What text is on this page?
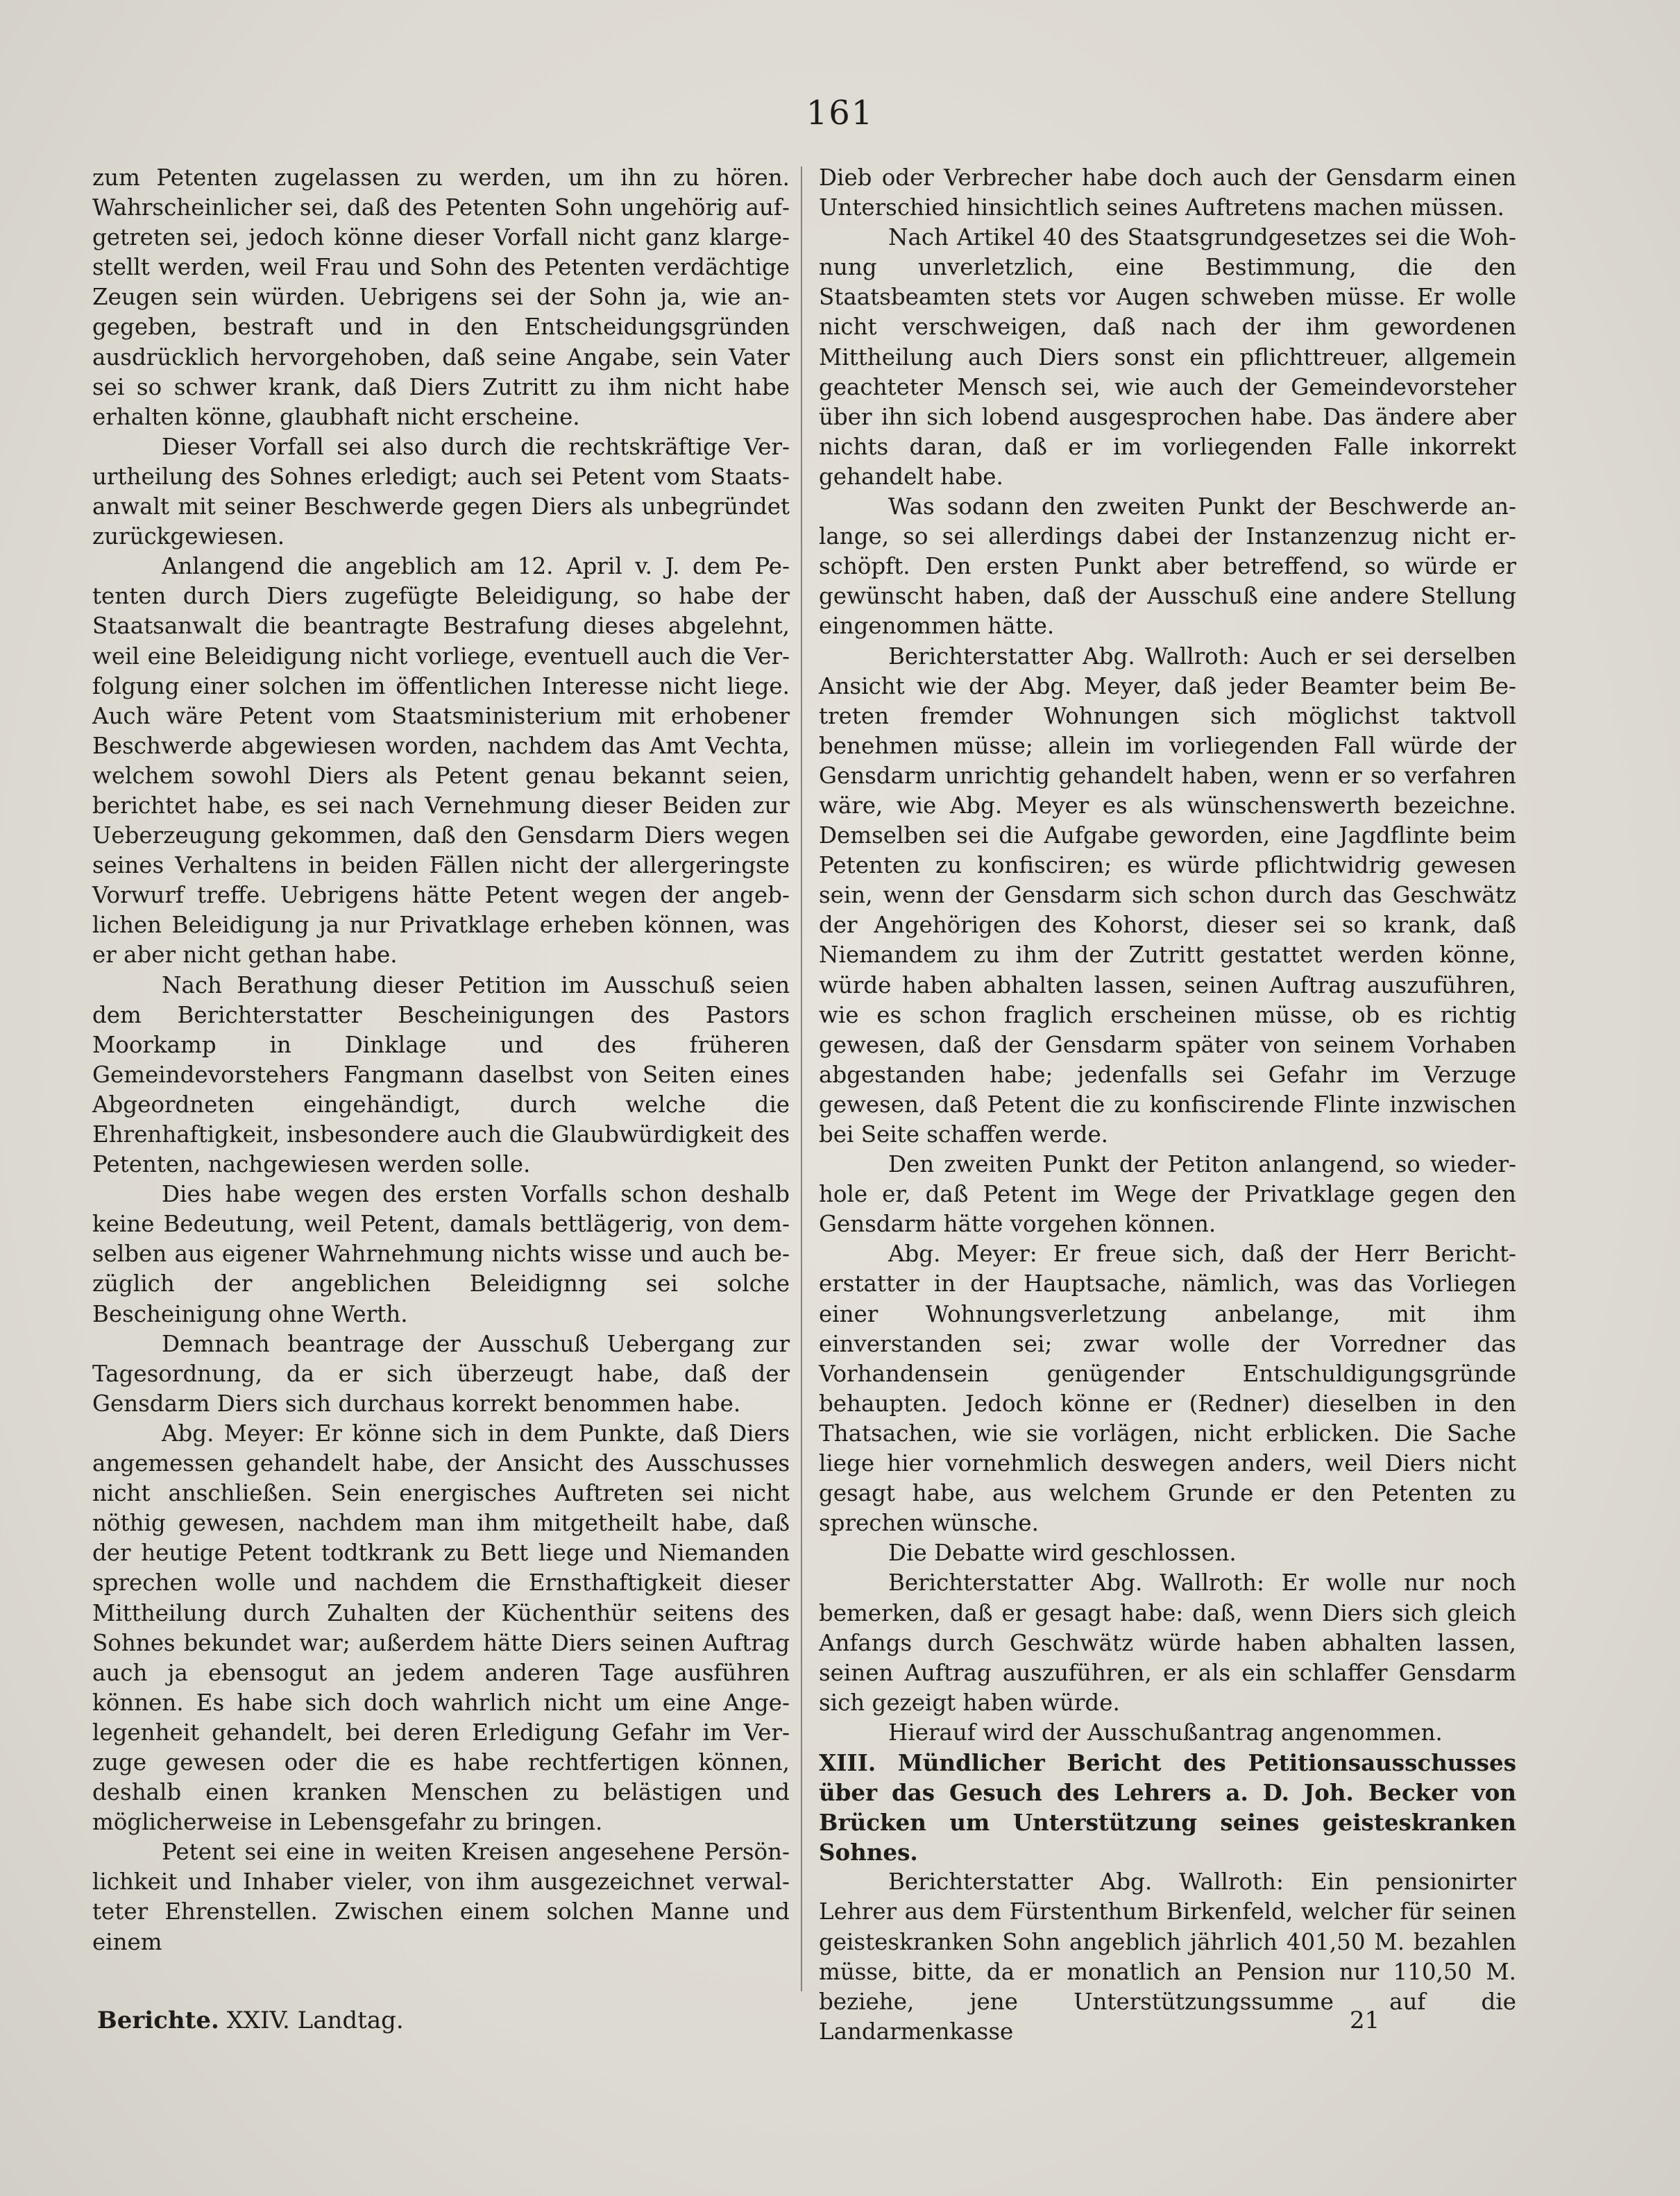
161

zum Petenten zugelassen zu werden, um ihn zu hören. Wahrscheinlicher sei, daß des Petenten Sohn ungehörig aufgetreten sei, jedoch könne dieser Vorfall nicht ganz klargestellt werden, weil Frau und Sohn des Petenten verdächtige Zeugen sein würden. Uebrigens sei der Sohn ja, wie angegeben, bestraft und in den Entscheidungsgründen ausdrücklich hervorgehoben, daß seine Angabe, sein Vater sei so schwer krank, daß Diers Zutritt zu ihm nicht habe erhalten könne, glaubhaft nicht erscheine.

Dieser Vorfall sei also durch die rechtskräftige Verurtheilung des Sohnes erledigt; auch sei Petent vom Staatsanwalt mit seiner Beschwerde gegen Diers als unbegründet zurückgewiesen.

Anlangend die angeblich am 12. April v. J. dem Petenten durch Diers zugefügte Beleidigung, so habe der Staatsanwalt die beantragte Bestrafung dieses abgelehnt, weil eine Beleidigung nicht vorliege, eventuell auch die Verfolgung einer solchen im öffentlichen Interesse nicht liege. Auch wäre Petent vom Staatsministerium mit erhobener Beschwerde abgewiesen worden, nachdem das Amt Vechta, welchem sowohl Diers als Petent genau bekannt seien, berichtet habe, es sei nach Vernehmung dieser Beiden zur Ueberzeugung gekommen, daß den Gensdarm Diers wegen seines Verhaltens in beiden Fällen nicht der allergeringste Vorwurf treffe. Uebrigens hätte Petent wegen der angeblichen Beleidigung ja nur Privatklage erheben können, was er aber nicht gethan habe.

Nach Berathung dieser Petition im Ausschuß seien dem Berichterstatter Bescheinigungen des Pastors Moorkamp in Dinklage und des früheren Gemeindevorstehers Fangmann daselbst von Seiten eines Abgeordneten eingehändigt, durch welche die Ehrenhaftigkeit, insbesondere auch die Glaubwürdigkeit des Petenten, nachgewiesen werden solle.

Dies habe wegen des ersten Vorfalls schon deshalb keine Bedeutung, weil Petent, damals bettlägerig, von demselben aus eigener Wahrnehmung nichts wisse und auch bezüglich der angeblichen Beleidignng sei solche Bescheinigung ohne Werth.

Demnach beantrage der Ausschuß Uebergang zur Tagesordnung, da er sich überzeugt habe, daß der Gensdarm Diers sich durchaus korrekt benommen habe.

Abg. Meyer: Er könne sich in dem Punkte, daß Diers angemessen gehandelt habe, der Ansicht des Ausschusses nicht anschließen. Sein energisches Auftreten sei nicht nöthig gewesen, nachdem man ihm mitgetheilt habe, daß der heutige Petent todtkrank zu Bett liege und Niemanden sprechen wolle und nachdem die Ernsthaftigkeit dieser Mittheilung durch Zuhalten der Küchenthür seitens des Sohnes bekundet war; außerdem hätte Diers seinen Auftrag auch ja ebensogut an jedem anderen Tage ausführen können. Es habe sich doch wahrlich nicht um eine Angelegenheit gehandelt, bei deren Erledigung Gefahr im Verzuge gewesen oder die es habe rechtfertigen können, deshalb einen kranken Menschen zu belästigen und möglicherweise in Lebensgefahr zu bringen.

Petent sei eine in weiten Kreisen angesehene Persönlichkeit und Inhaber vieler, von ihm ausgezeichnet verwalteter Ehrenstellen. Zwischen einem solchen Manne und einem

Dieb oder Verbrecher habe doch auch der Gensdarm einen Unterschied hinsichtlich seines Auftretens machen müssen.

Nach Artikel 40 des Staatsgrundgesetzes sei die Wohnung unverletzlich, eine Bestimmung, die den Staatsbeamten stets vor Augen schweben müsse. Er wolle nicht verschweigen, daß nach der ihm gewordenen Mittheilung auch Diers sonst ein pflichttreuer, allgemein geachteter Mensch sei, wie auch der Gemeindevorsteher über ihn sich lobend ausgesprochen habe. Das ändere aber nichts daran, daß er im vorliegenden Falle inkorrekt gehandelt habe.

Was sodann den zweiten Punkt der Beschwerde anlange, so sei allerdings dabei der Instanzenzug nicht erschöpft. Den ersten Punkt aber betreffend, so würde er gewünscht haben, daß der Ausschuß eine andere Stellung eingenommen hätte.

Berichterstatter Abg. Wallroth: Auch er sei derselben Ansicht wie der Abg. Meyer, daß jeder Beamter beim Betreten fremder Wohnungen sich möglichst taktvoll benehmen müsse; allein im vorliegenden Fall würde der Gensdarm unrichtig gehandelt haben, wenn er so verfahren wäre, wie Abg. Meyer es als wünschenswerth bezeichne. Demselben sei die Aufgabe geworden, eine Jagdflinte beim Petenten zu konfisciren; es würde pflichtwidrig gewesen sein, wenn der Gensdarm sich schon durch das Geschwätz der Angehörigen des Kohorst, dieser sei so krank, daß Niemandem zu ihm der Zutritt gestattet werden könne, würde haben abhalten lassen, seinen Auftrag auszuführen, wie es schon fraglich erscheinen müsse, ob es richtig gewesen, daß der Gensdarm später von seinem Vorhaben abgestanden habe; jedenfalls sei Gefahr im Verzuge gewesen, daß Petent die zu konfiscirende Flinte inzwischen bei Seite schaffen werde.

Den zweiten Punkt der Petiton anlangend, so wiederhole er, daß Petent im Wege der Privatklage gegen den Gensdarm hätte vorgehen können.

Abg. Meyer: Er freue sich, daß der Herr Berichterstatter in der Hauptsache, nämlich, was das Vorliegen einer Wohnungsverletzung anbelange, mit ihm einverstanden sei; zwar wolle der Vorredner das Vorhandensein genügender Entschuldigungsgründe behaupten. Jedoch könne er (Redner) dieselben in den Thatsachen, wie sie vorlägen, nicht erblicken. Die Sache liege hier vornehmlich deswegen anders, weil Diers nicht gesagt habe, aus welchem Grunde er den Petenten zu sprechen wünsche.

Die Debatte wird geschlossen.

Berichterstatter Abg. Wallroth: Er wolle nur noch bemerken, daß er gesagt habe: daß, wenn Diers sich gleich Anfangs durch Geschwätz würde haben abhalten lassen, seinen Auftrag auszuführen, er als ein schlaffer Gensdarm sich gezeigt haben würde.

Hierauf wird der Ausschußantrag angenommen.

XIII. Mündlicher Bericht des Petitionsausschusses über das Gesuch des Lehrers a. D. Joh. Becker von Brücken um Unterstützung seines geisteskranken Sohnes.

Berichterstatter Abg. Wallroth: Ein pensionirter Lehrer aus dem Fürstenthum Birkenfeld, welcher für seinen geisteskranken Sohn angeblich jährlich 401,50 M. bezahlen müsse, bitte, da er monatlich an Pension nur 110,50 M. beziehe, jene Unterstützungssumme auf die Landarmenkasse

Berichte. XXIV. Landtag.	21
